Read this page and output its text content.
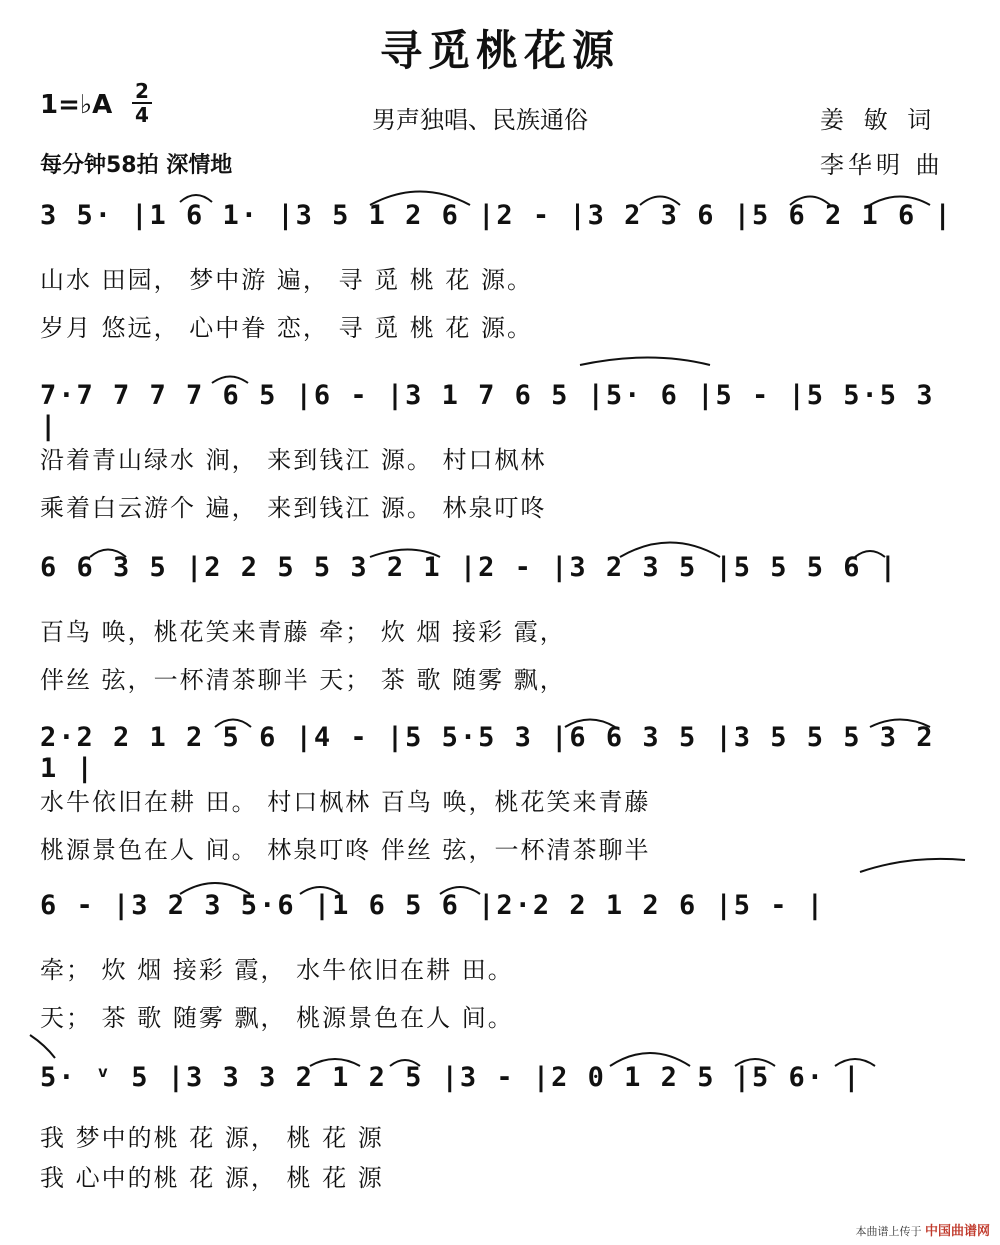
寻觅桃花源
1=♭A 2
4	男声独唱、民族通俗	姜 敏 词
每分钟58拍 深情地	李华明 曲
3 5· |1 6 1· |3 5 1 2 6 |2 - |3 2 3 6 |5 6 2 1 6 |
山水 田园， 梦中游 遍， 寻 觅 桃 花 源。
岁月 悠远， 心中眷 恋， 寻 觅 桃 花 源。
7·7 7 7 7 6 5 |6 - |3 1 7 6 5 |5· 6 |5 - |5 5·5 3 |
沿着青山绿水 涧， 来到钱江 源。 村口枫林
乘着白云游个 遍， 来到钱江 源。 林泉叮咚
6 6 3 5 |2 2 5 5 3 2 1 |2 - |3 2 3 5 |5 5 5 6 |
百鸟 唤，桃花笑来青藤 牵； 炊 烟 接彩 霞，
伴丝 弦，一杯清茶聊半 天； 茶 歌 随雾 飘，
2·2 2 1 2 5 6 |4 - |5 5·5 3 |6 6 3 5 |3 5 5 5 3 2 1 |
水牛依旧在耕 田。 村口枫林 百鸟 唤，桃花笑来青藤
桃源景色在人 间。 林泉叮咚 伴丝 弦，一杯清茶聊半
6 - |3 2 3 5·6 |1 6 5 6 |2·2 2 1 2 6 |5 - |
牵； 炊 烟 接彩 霞， 水牛依旧在耕 田。
天； 茶 歌 随雾 飘， 桃源景色在人 间。
5· ᵛ 5 |3 3 3 2 1 2 5 |3 - |2 0 1 2 5 |5 6· |
我 梦中的桃 花 源， 桃 花 源
我 心中的桃 花 源， 桃 花 源
本曲谱上传于 中国曲谱网
